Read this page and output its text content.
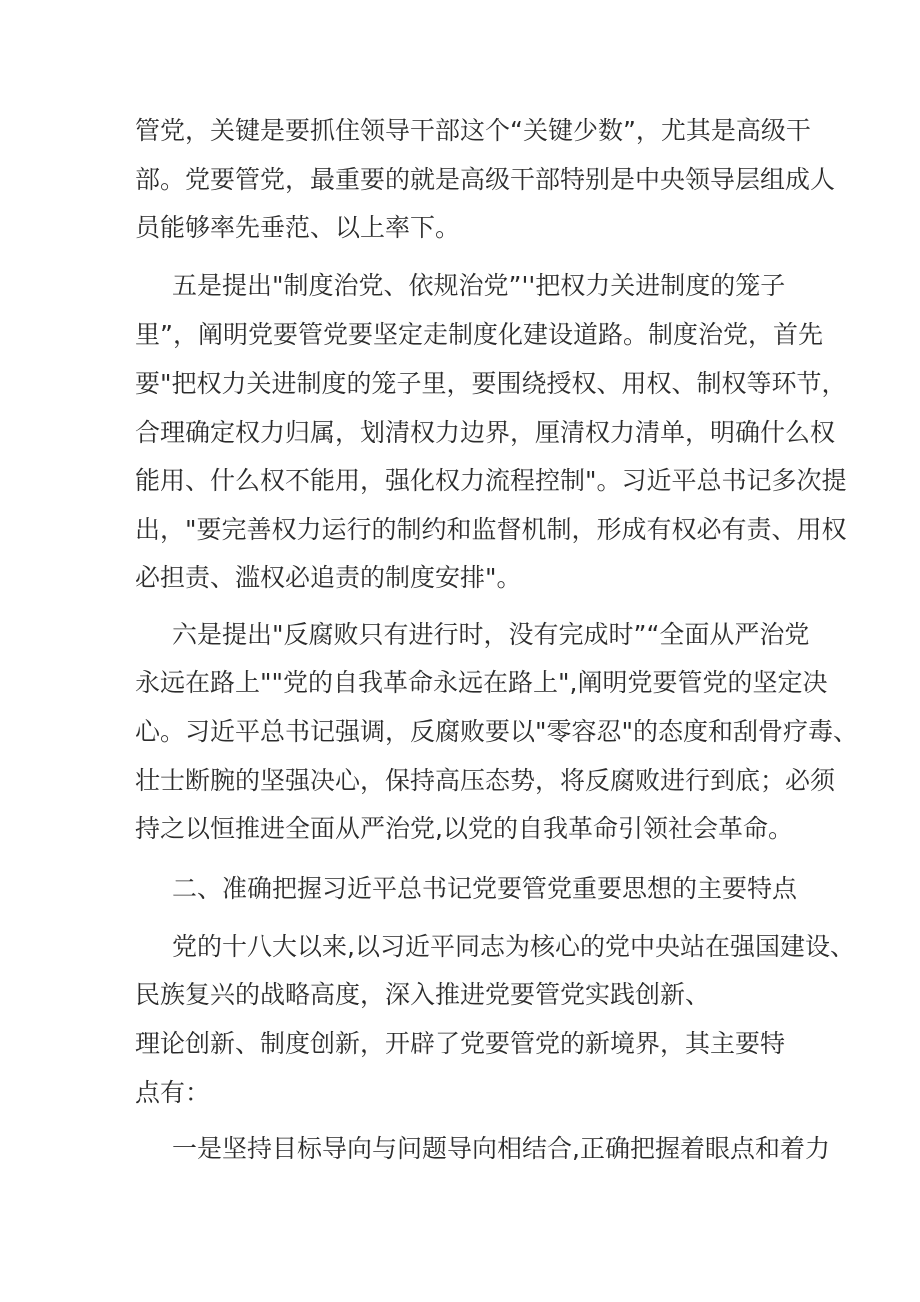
管党，关键是要抓住领导干部这个“关键少数”，尤其是高级干
部。党要管党，最重要的就是高级干部特别是中央领导层组成人
员能够率先垂范、以上率下。
五是提出"制度治党、依规治党”''把权力关进制度的笼子
里”，阐明党要管党要坚定走制度化建设道路。制度治党，首先
要"把权力关进制度的笼子里，要围绕授权、用权、制权等环节，
合理确定权力归属，划清权力边界，厘清权力清单，明确什么权
能用、什么权不能用，强化权力流程控制"。习近平总书记多次提
出，"要完善权力运行的制约和监督机制，形成有权必有责、用权
必担责、滥权必追责的制度安排"。
六是提出"反腐败只有进行时，没有完成时”“全面从严治党
永远在路上""党的自我革命永远在路上",阐明党要管党的坚定决
心。习近平总书记强调，反腐败要以"零容忍"的态度和刮骨疗毒、
壮士断腕的坚强决心，保持高压态势，将反腐败进行到底；必须
持之以恒推进全面从严治党,以党的自我革命引领社会革命。
二、准确把握习近平总书记党要管党重要思想的主要特点
党的十八大以来,以习近平同志为核心的党中央站在强国建设、
民族复兴的战略高度，深入推进党要管党实践创新、
理论创新、制度创新，开辟了党要管党的新境界，其主要特
点有：
一是坚持目标导向与问题导向相结合,正确把握着眼点和着力
